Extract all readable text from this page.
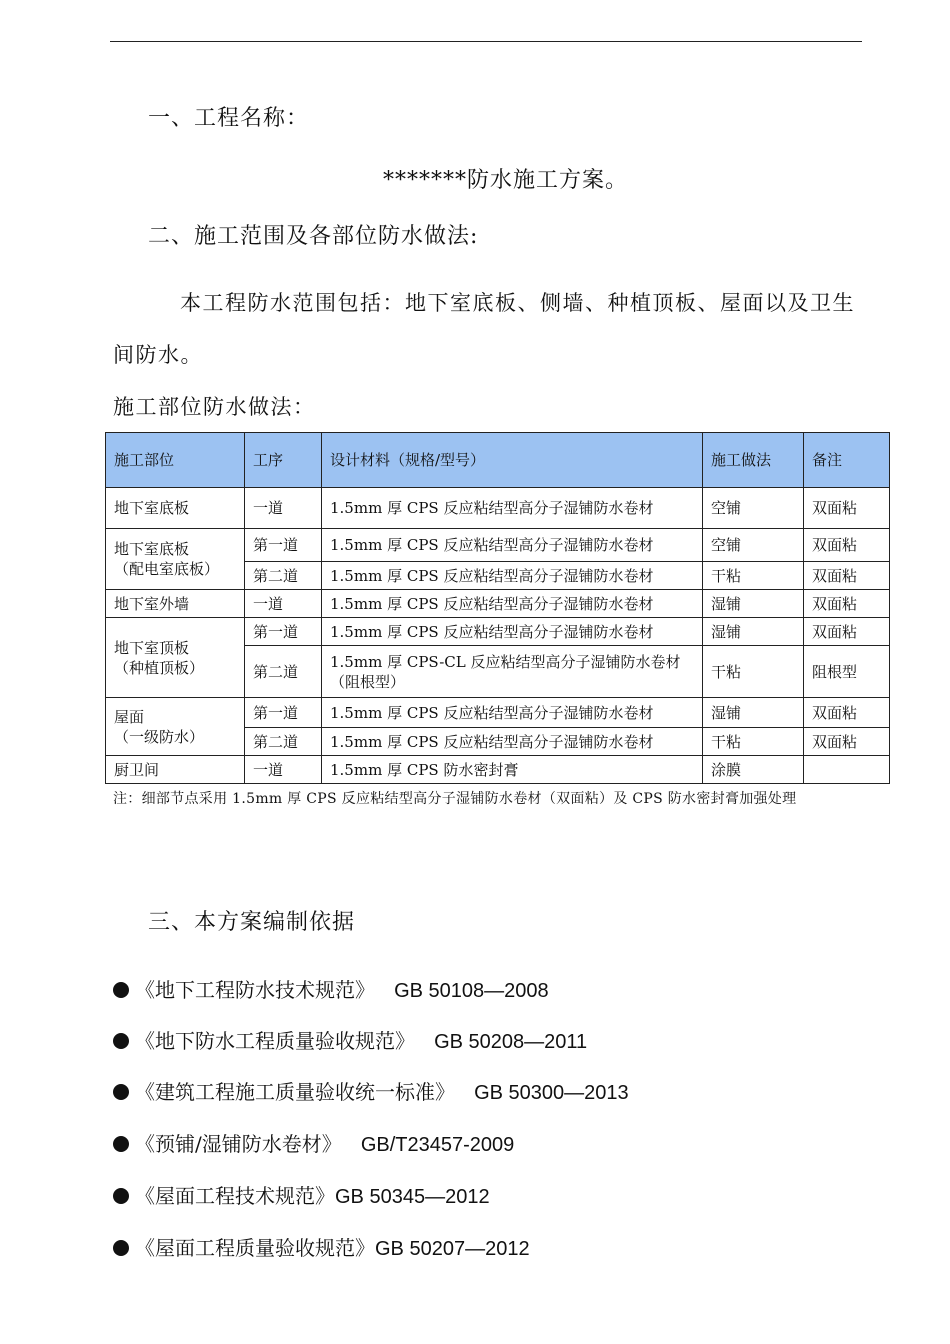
一、工程名称：
*******防水施工方案。
二、施工范围及各部位防水做法:
本工程防水范围包括：地下室底板、侧墙、种植顶板、屋面以及卫生
间防水。
施工部位防水做法：
施工部位	工序	设计材料（规格/型号）	施工做法	备注
地下室底板	一道	1.5mm 厚 CPS 反应粘结型高分子湿铺防水卷材	空铺	双面粘

地下室底板
（配电室底板）	第一道	1.5mm 厚 CPS 反应粘结型高分子湿铺防水卷材	空铺	双面粘
	第二道	1.5mm 厚 CPS 反应粘结型高分子湿铺防水卷材	干粘	双面粘
地下室外墙	一道	1.5mm 厚 CPS 反应粘结型高分子湿铺防水卷材	湿铺	双面粘

地下室顶板
（种植顶板）	第一道	1.5mm 厚 CPS 反应粘结型高分子湿铺防水卷材	湿铺	双面粘
	第二道	1.5mm 厚 CPS-CL 反应粘结型高分子湿铺防水卷材
（阻根型）	干粘	阻根型

屋面
（一级防水）	第一道	1.5mm 厚 CPS 反应粘结型高分子湿铺防水卷材	湿铺	双面粘
	第二道	1.5mm 厚 CPS 反应粘结型高分子湿铺防水卷材	干粘	双面粘
厨卫间	一道	1.5mm 厚 CPS 防水密封膏	涂膜	
注：细部节点采用 1.5mm 厚 CPS 反应粘结型高分子湿铺防水卷材（双面粘）及 CPS 防水密封膏加强处理
三、本方案编制依据
《地下工程防水技术规范》 GB 50108—2008
《地下防水工程质量验收规范》 GB 50208—2011
《建筑工程施工质量验收统一标准》 GB 50300—2013
《预铺/湿铺防水卷材》 GB/T23457-2009
《屋面工程技术规范》GB 50345—2012
《屋面工程质量验收规范》GB 50207—2012
